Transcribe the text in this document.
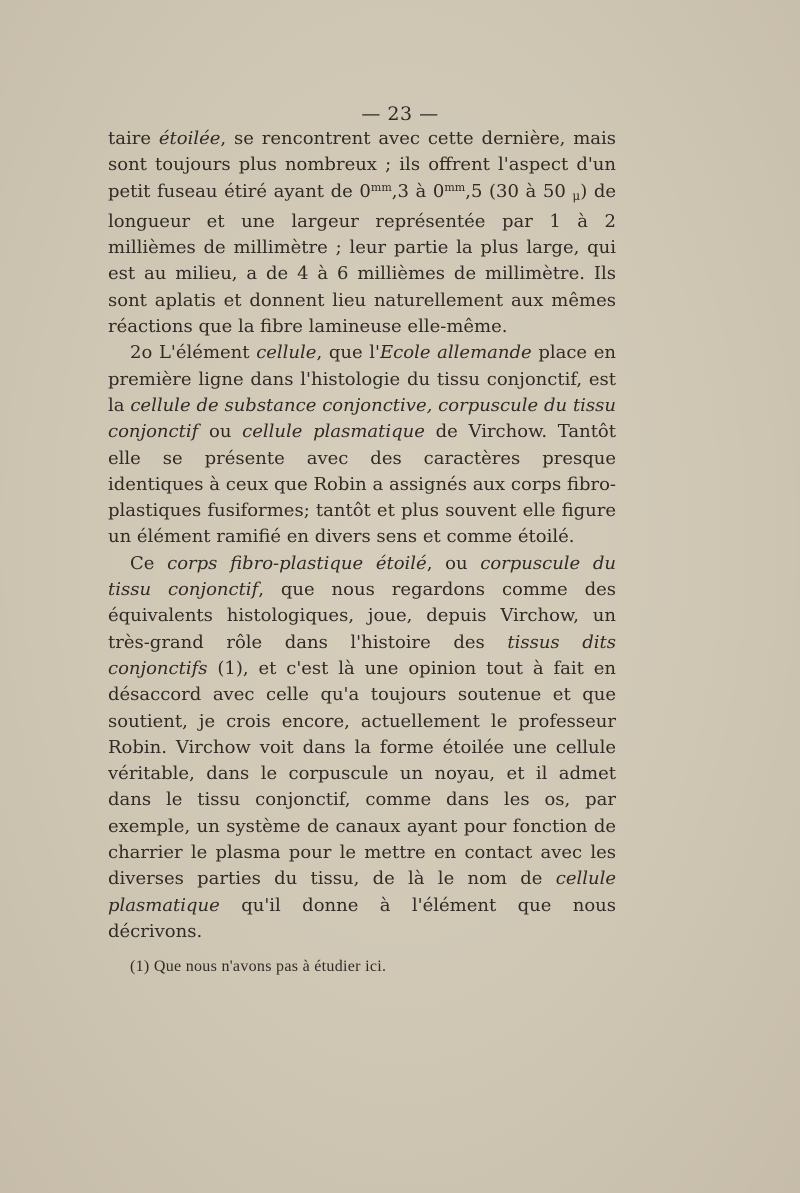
— 23 —

taire étoilée, se rencontrent avec cette dernière, mais sont toujours plus nombreux ; ils offrent l'aspect d'un petit fuseau étiré ayant de $0^{mm},3$ à $0^{mm},5$ (30 à 50 μ) de longueur et une largeur représentée par 1 à 2 millièmes de millimètre ; leur partie la plus large, qui est au milieu, a de 4 à 6 millièmes de millimètre. Ils sont aplatis et donnent lieu naturellement aux mêmes réactions que la fibre lamineuse elle-même.

2o L'élément cellule, que l'Ecole allemande place en première ligne dans l'histologie du tissu conjonctif, est la cellule de substance conjonctive, corpuscule du tissu conjonctif ou cellule plasmatique de Virchow. Tantôt elle se présente avec des caractères presque identiques à ceux que Robin a assignés aux corps fibro-plastiques fusiformes; tantôt et plus souvent elle figure un élément ramifié en divers sens et comme étoilé.

Ce corps fibro-plastique étoilé, ou corpuscule du tissu conjonctif, que nous regardons comme des équivalents histologiques, joue, depuis Virchow, un très-grand rôle dans l'histoire des tissus dits conjonctifs (1), et c'est là une opinion tout à fait en désaccord avec celle qu'a toujours soutenue et que soutient, je crois encore, actuellement le professeur Robin. Virchow voit dans la forme étoilée une cellule véritable, dans le corpuscule un noyau, et il admet dans le tissu conjonctif, comme dans les os, par exemple, un système de canaux ayant pour fonction de charrier le plasma pour le mettre en contact avec les diverses parties du tissu, de là le nom de cellule plasmatique qu'il donne à l'élément que nous décrivons.

(1) Que nous n'avons pas à étudier ici.
